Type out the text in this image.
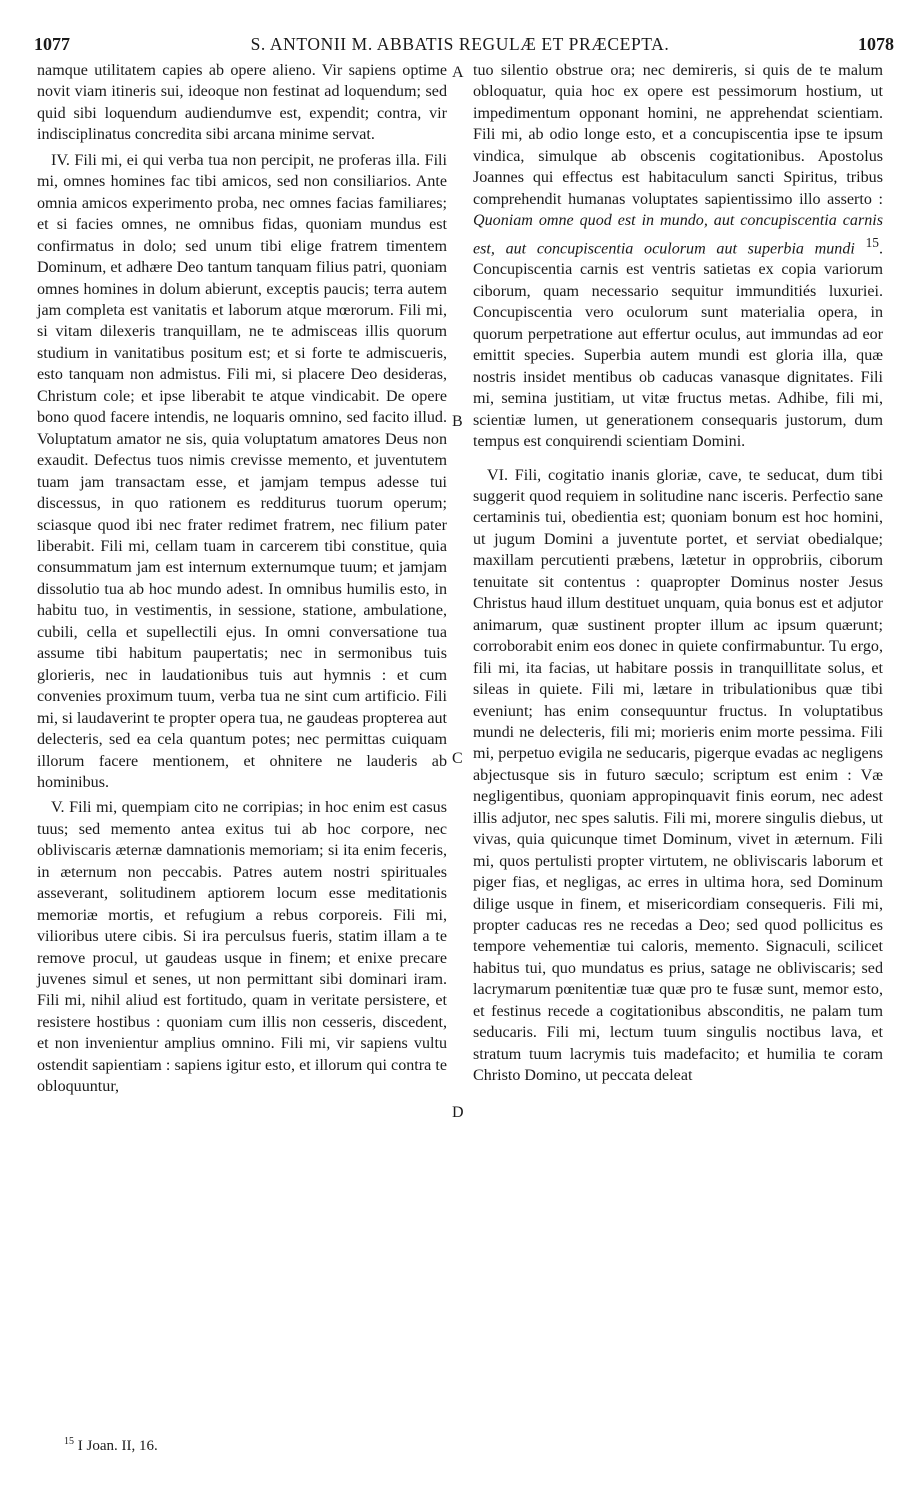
1077	S. ANTONII M. ABBATIS REGULÆ ET PRÆCEPTA.	1078

namque utilitatem capies ab opere alieno. Vir sapiens optime novit viam itineris sui, ideoque non festinat ad loquendum; sed quid sibi loquendum audiendumve est, expendit; contra, vir indisciplinatus concredita sibi arcana minime servat.

IV. Fili mi, ei qui verba tua non percipit, ne proferas illa. Fili mi, omnes homines fac tibi amicos, sed non consiliarios. Ante omnia amicos experimento proba, nec omnes facias familiares; et si facies omnes, ne omnibus fidas, quoniam mundus est confirmatus in dolo; sed unum tibi elige fratrem timentem Dominum, et adhære Deo tantum tanquam filius patri, quoniam omnes homines in dolum abierunt, exceptis paucis; terra autem jam completa est vanitatis et laborum atque mœrorum. Fili mi, si vitam dilexeris tranquillam, ne te admisceas illis quorum studium in vanitatibus positum est; et si forte te admiscueris, esto tanquam non admistus. Fili mi, si placere Deo desideras, Christum cole; et ipse liberabit te atque vindicabit. De opere bono quod facere intendis, ne loquaris omnino, sed facito illud. Voluptatum amator ne sis, quia voluptatum amatores Deus non exaudit. Defectus tuos nimis crevisse memento, et juventutem tuam jam transactam esse, et jamjam tempus adesse tui discessus, in quo rationem es redditurus tuorum operum; sciasque quod ibi nec frater redimet fratrem, nec filium pater liberabit. Fili mi, cellam tuam in carcerem tibi constitue, quia consummatum jam est internum externumque tuum; et jamjam dissolutio tua ab hoc mundo adest. In omnibus humilis esto, in habitu tuo, in vestimentis, in sessione, statione, ambulatione, cubili, cella et supellectili ejus. In omni conversatione tua assume tibi habitum paupertatis; nec in sermonibus tuis glorieris, nec in laudationibus tuis aut hymnis : et cum convenies proximum tuum, verba tua ne sint cum artificio. Fili mi, si laudaverint te propter opera tua, ne gaudeas propterea aut delecteris, sed ea cela quantum potes; nec permittas cuiquam illorum facere mentionem, et ohnitere ne lauderis ab hominibus.

V. Fili mi, quempiam cito ne corripias; in hoc enim est casus tuus; sed memento antea exitus tui ab hoc corpore, nec obliviscaris æternæ damnationis memoriam; si ita enim feceris, in æternum non peccabis. Patres autem nostri spirituales asseverant, solitudinem aptiorem locum esse meditationis memoriæ mortis, et refugium a rebus corporeis. Fili mi, vilioribus utere cibis. Si ira perculsus fueris, statim illam a te remove procul, ut gaudeas usque in finem; et enixe precare juvenes simul et senes, ut non permittant sibi dominari iram. Fili mi, nihil aliud est fortitudo, quam in veritate persistere, et resistere hostibus : quoniam cum illis non cesseris, discedent, et non invenientur amplius omnino. Fili mi, vir sapiens vultu ostendit sapientiam : sapiens igitur esto, et illorum qui contra te obloquuntur,

A
B
C
D

tuo silentio obstrue ora; nec demireris, si quis de te malum obloquatur, quia hoc ex opere est pessimorum hostium, ut impedimentum opponant homini, ne apprehendat scientiam. Fili mi, ab odio longe esto, et a concupiscentia ipse te ipsum vindica, simulque ab obscenis cogitationibus. Apostolus Joannes qui effectus est habitaculum sancti Spiritus, tribus comprehendit humanas voluptates sapientissimo illo asserto : Quoniam omne quod est in mundo, aut concupiscentia carnis est, aut concupiscentia oculorum aut superbia mundi $^{15}$. Concupiscentia carnis est ventris satietas ex copia variorum ciborum, quam necessario sequitur immunditiés luxuriei. Concupiscentia vero oculorum sunt materialia opera, in quorum perpetratione aut effertur oculus, aut immundas ad eor emittit species. Superbia autem mundi est gloria illa, quæ nostris insidet mentibus ob caducas vanasque dignitates. Fili mi, semina justitiam, ut vitæ fructus metas. Adhibe, fili mi, scientiæ lumen, ut generationem consequaris justorum, dum tempus est conquirendi scientiam Domini.

VI. Fili, cogitatio inanis gloriæ, cave, te seducat, dum tibi suggerit quod requiem in solitudine nanc isceris. Perfectio sane certaminis tui, obedientia est; quoniam bonum est hoc homini, ut jugum Domini a juventute portet, et serviat obedialque; maxillam percutienti præbens, lætetur in opprobriis, ciborum tenuitate sit contentus : quapropter Dominus noster Jesus Christus haud illum destituet unquam, quia bonus est et adjutor animarum, quæ sustinent propter illum ac ipsum quærunt; corroborabit enim eos donec in quiete confirmabuntur. Tu ergo, fili mi, ita facias, ut habitare possis in tranquillitate solus, et sileas in quiete. Fili mi, lætare in tribulationibus quæ tibi eveniunt; has enim consequuntur fructus. In voluptatibus mundi ne delecteris, fili mi; morieris enim morte pessima. Fili mi, perpetuo evigila ne seducaris, pigerque evadas ac negligens abjectusque sis in futuro sæculo; scriptum est enim : Væ negligentibus, quoniam appropinquavit finis eorum, nec adest illis adjutor, nec spes salutis. Fili mi, morere singulis diebus, ut vivas, quia quicunque timet Dominum, vivet in æternum. Fili mi, quos pertulisti propter virtutem, ne obliviscaris laborum et piger fias, et negligas, ac erres in ultima hora, sed Dominum dilige usque in finem, et misericordiam consequeris. Fili mi, propter caducas res ne recedas a Deo; sed quod pollicitus es tempore vehementiæ tui caloris, memento. Signaculi, scilicet habitus tui, quo mundatus es prius, satage ne obliviscaris; sed lacrymarum pœnitentiæ tuæ quæ pro te fusæ sunt, memor esto, et festinus recede a cogitationibus absconditis, ne palam tum seducaris. Fili mi, lectum tuum singulis noctibus lava, et stratum tuum lacrymis tuis madefacito; et humilia te coram Christo Domino, ut peccata deleat

$^{15}$ I Joan. II, 16.
